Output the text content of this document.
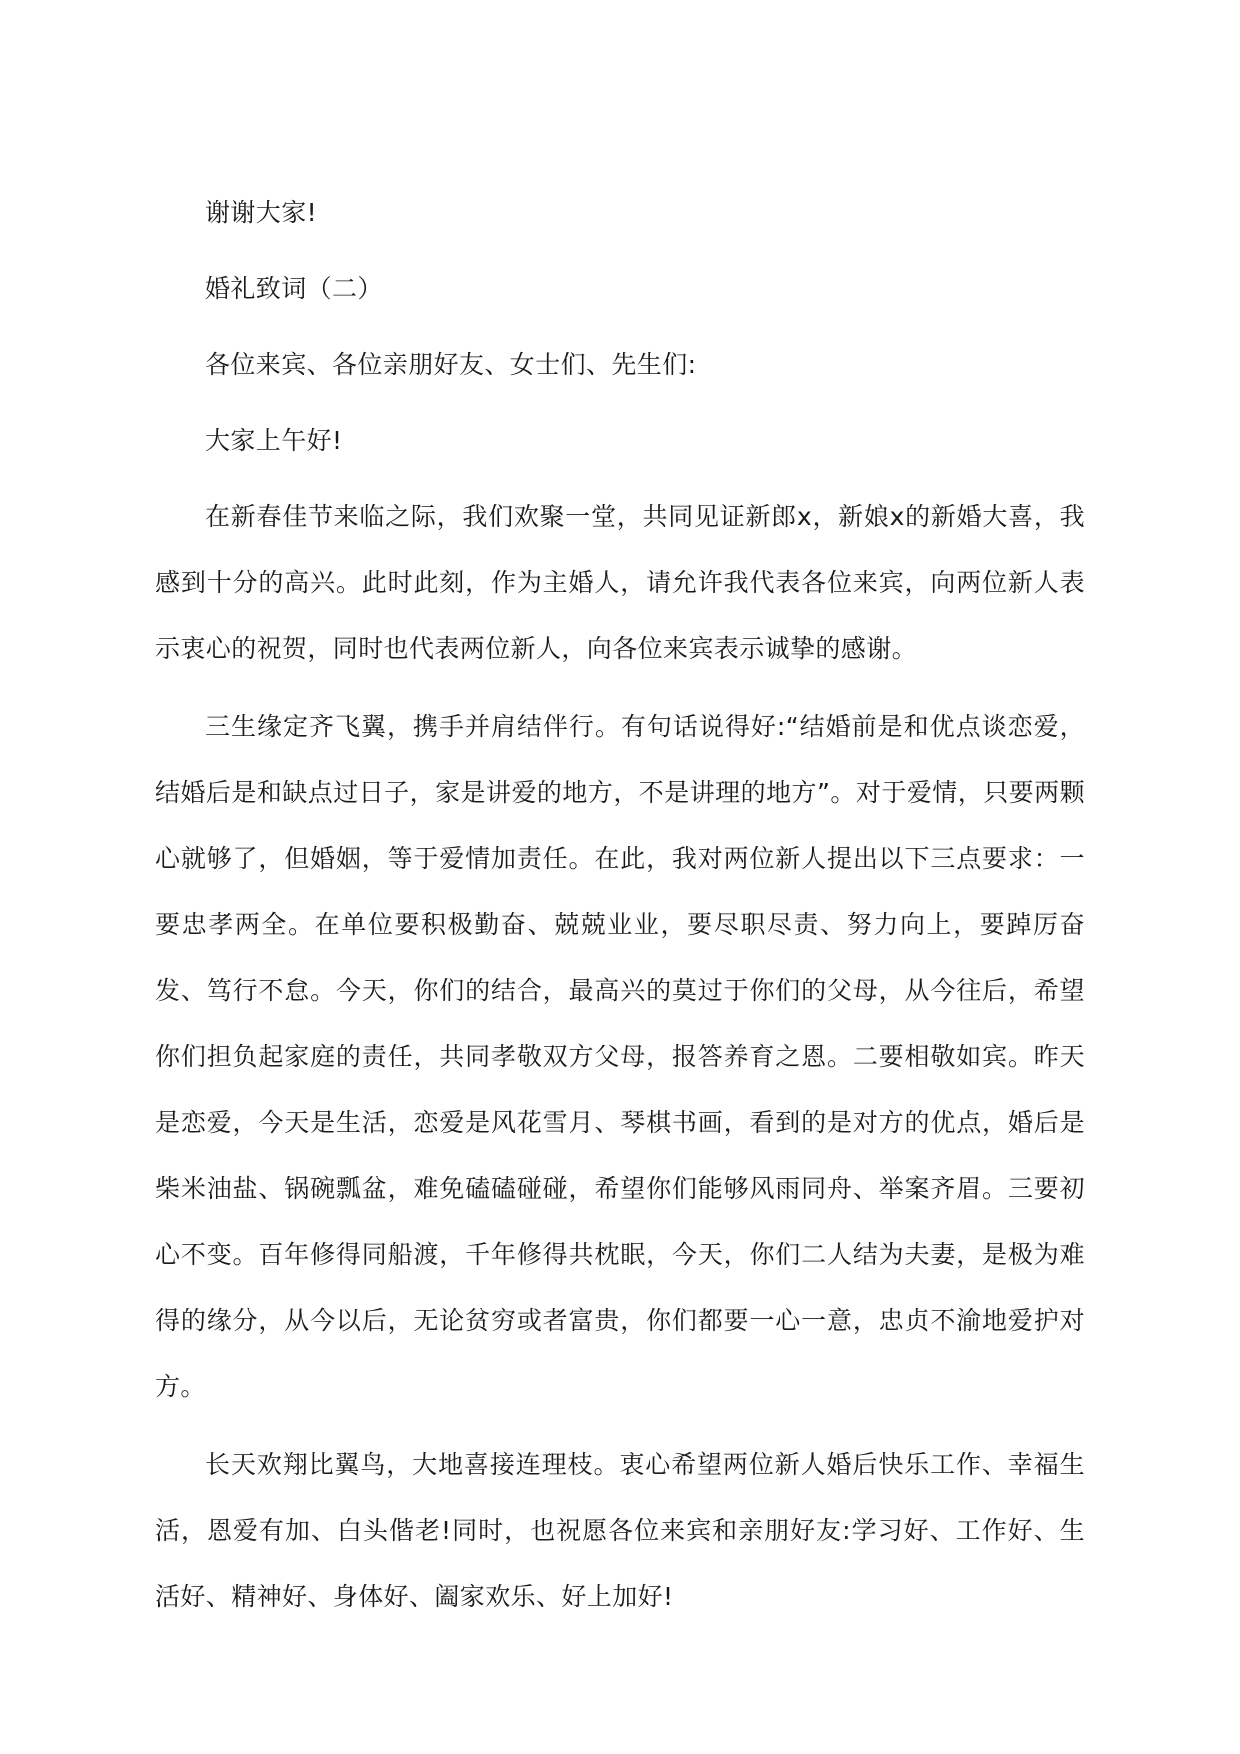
谢谢大家!

婚礼致词（二）

各位来宾、各位亲朋好友、女士们、先生们:

大家上午好!

在新春佳节来临之际，我们欢聚一堂，共同见证新郎x，新娘x的新婚大喜，我感到十分的高兴。此时此刻，作为主婚人，请允许我代表各位来宾，向两位新人表示衷心的祝贺，同时也代表两位新人，向各位来宾表示诚挚的感谢。

三生缘定齐飞翼，携手并肩结伴行。有句话说得好:“结婚前是和优点谈恋爱，结婚后是和缺点过日子，家是讲爱的地方，不是讲理的地方”。对于爱情，只要两颗心就够了，但婚姻，等于爱情加责任。在此，我对两位新人提出以下三点要求：一要忠孝两全。在单位要积极勤奋、兢兢业业，要尽职尽责、努力向上，要踔厉奋发、笃行不怠。今天，你们的结合，最高兴的莫过于你们的父母，从今往后，希望你们担负起家庭的责任，共同孝敬双方父母，报答养育之恩。二要相敬如宾。昨天是恋爱，今天是生活，恋爱是风花雪月、琴棋书画，看到的是对方的优点，婚后是柴米油盐、锅碗瓢盆，难免磕磕碰碰，希望你们能够风雨同舟、举案齐眉。三要初心不变。百年修得同船渡，千年修得共枕眠，今天，你们二人结为夫妻，是极为难得的缘分，从今以后，无论贫穷或者富贵，你们都要一心一意，忠贞不渝地爱护对方。

长天欢翔比翼鸟，大地喜接连理枝。衷心希望两位新人婚后快乐工作、幸福生活，恩爱有加、白头偕老!同时，也祝愿各位来宾和亲朋好友:学习好、工作好、生活好、精神好、身体好、阖家欢乐、好上加好!
